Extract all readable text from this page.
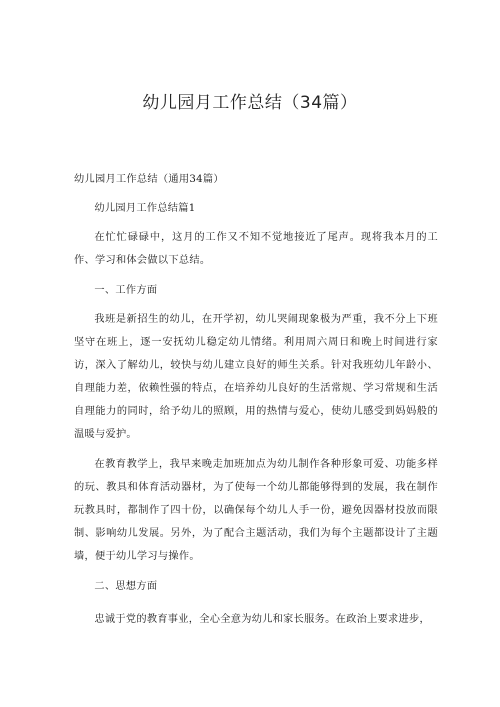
幼儿园月工作总结（34篇）

幼儿园月工作总结（通用34篇）

幼儿园月工作总结篇1

在忙忙碌碌中，这月的工作又不知不觉地接近了尾声。现将我本月的工作、学习和体会做以下总结。

一、工作方面

我班是新招生的幼儿，在开学初，幼儿哭闹现象极为严重，我不分上下班坚守在班上，逐一安抚幼儿稳定幼儿情绪。利用周六周日和晚上时间进行家访，深入了解幼儿，较快与幼儿建立良好的师生关系。针对我班幼儿年龄小、自理能力差，依赖性强的特点，在培养幼儿良好的生活常规、学习常规和生活自理能力的同时，给予幼儿的照顾，用的热情与爱心，使幼儿感受到妈妈般的温暖与爱护。

在教育教学上，我早来晚走加班加点为幼儿制作各种形象可爱、功能多样的玩、教具和体育活动器材，为了使每一个幼儿都能够得到的发展，我在制作玩教具时，都制作了四十份，以确保每个幼儿人手一份，避免因器材投放而限制、影响幼儿发展。另外，为了配合主题活动，我们为每个主题都设计了主题墙，便于幼儿学习与操作。

二、思想方面

忠诚于党的教育事业，全心全意为幼儿和家长服务。在政治上要求进步，
